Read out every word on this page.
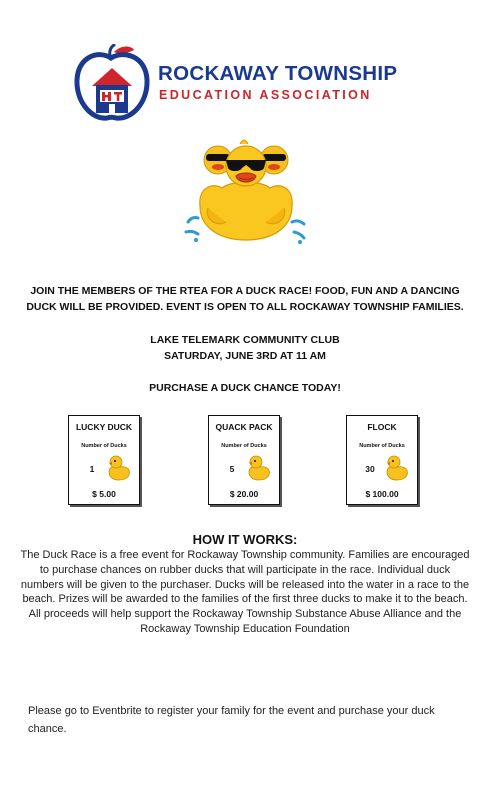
ROCKAWAY TOWNSHIP

EDUCATION ASSOCIATION

JOIN THE MEMBERS OF THE RTEA FOR A DUCK RACE! FOOD, FUN AND A DANCING DUCK WILL BE PROVIDED. EVENT IS OPEN TO ALL ROCKAWAY TOWNSHIP FAMILIES.

LAKE TELEMARK COMMUNITY CLUB

SATURDAY, JUNE 3RD AT 11 AM

PURCHASE A DUCK CHANCE TODAY!

LUCKY DUCK
Number of Ducks
1
$ 5.00
QUACK PACK
Number of Ducks
5
$ 20.00
FLOCK
Number of Ducks
30
$ 100.00
HOW IT WORKS:

The Duck Race is a free event for Rockaway Township community. Families are encouraged to purchase chances on rubber ducks that will participate in the race. Individual duck numbers will be given to the purchaser. Ducks will be released into the water in a race to the beach. Prizes will be awarded to the families of the first three ducks to make it to the beach. All proceeds will help support the Rockaway Township Substance Abuse Alliance and the Rockaway Township Education Foundation

Please go to Eventbrite to register your family for the event and purchase your duck chance.
